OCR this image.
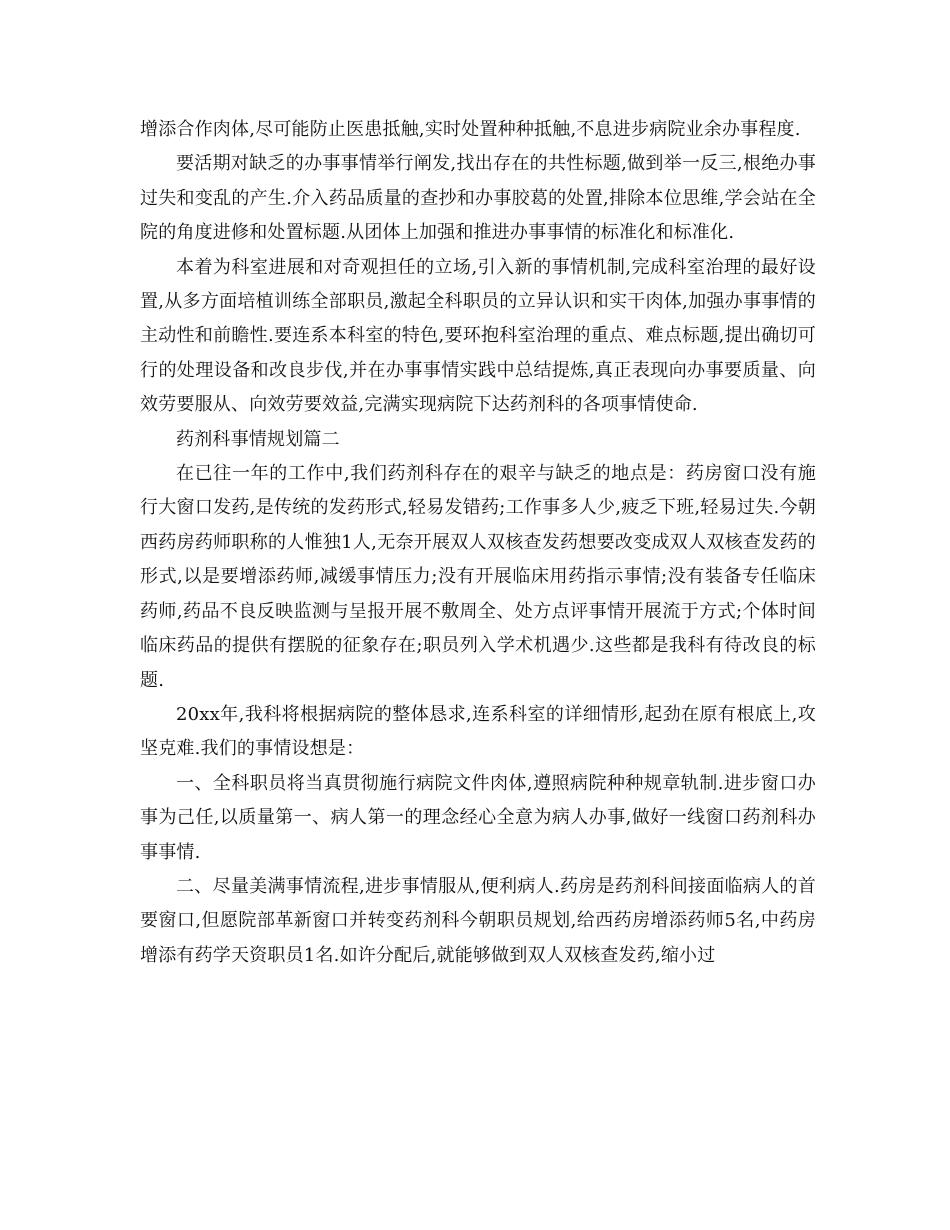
增添合作肉体,尽可能防止医患抵触,实时处置种种抵触,不息进步病院业余办事程度.

要活期对缺乏的办事事情举行阐发,找出存在的共性标题,做到举一反三,根绝办事过失和变乱的产生.介入药品质量的查抄和办事胶葛的处置,排除本位思维,学会站在全院的角度进修和处置标题.从团体上加强和推进办事事情的标准化和标准化.

本着为科室进展和对奇观担任的立场,引入新的事情机制,完成科室治理的最好设置,从多方面培植训练全部职员,激起全科职员的立异认识和实干肉体,加强办事事情的主动性和前瞻性.要连系本科室的特色,要环抱科室治理的重点、难点标题,提出确切可行的处理设备和改良步伐,并在办事事情实践中总结提炼,真正表现向办事要质量、向效劳要服从、向效劳要效益,完满实现病院下达药剂科的各项事情使命.

药剂科事情规划篇二

在已往一年的工作中,我们药剂科存在的艰辛与缺乏的地点是：药房窗口没有施行大窗口发药,是传统的发药形式,轻易发错药;工作事多人少,疲乏下班,轻易过失.今朝西药房药师职称的人惟独1人,无奈开展双人双核查发药想要改变成双人双核查发药的形式,以是要增添药师,减缓事情压力;没有开展临床用药指示事情;没有装备专任临床药师,药品不良反映监测与呈报开展不敷周全、处方点评事情开展流于方式;个体时间临床药品的提供有摆脱的征象存在;职员列入学术机遇少.这些都是我科有待改良的标题.

20xx年,我科将根据病院的整体恳求,连系科室的详细情形,起劲在原有根底上,攻坚克难.我们的事情设想是：

一、全科职员将当真贯彻施行病院文件肉体,遵照病院种种规章轨制.进步窗口办事为己任,以质量第一、病人第一的理念经心全意为病人办事,做好一线窗口药剂科办事事情.

二、尽量美满事情流程,进步事情服从,便利病人.药房是药剂科间接面临病人的首要窗口,但愿院部革新窗口并转变药剂科今朝职员规划,给西药房增添药师5名,中药房增添有药学天资职员1名.如许分配后,就能够做到双人双核查发药,缩小过
